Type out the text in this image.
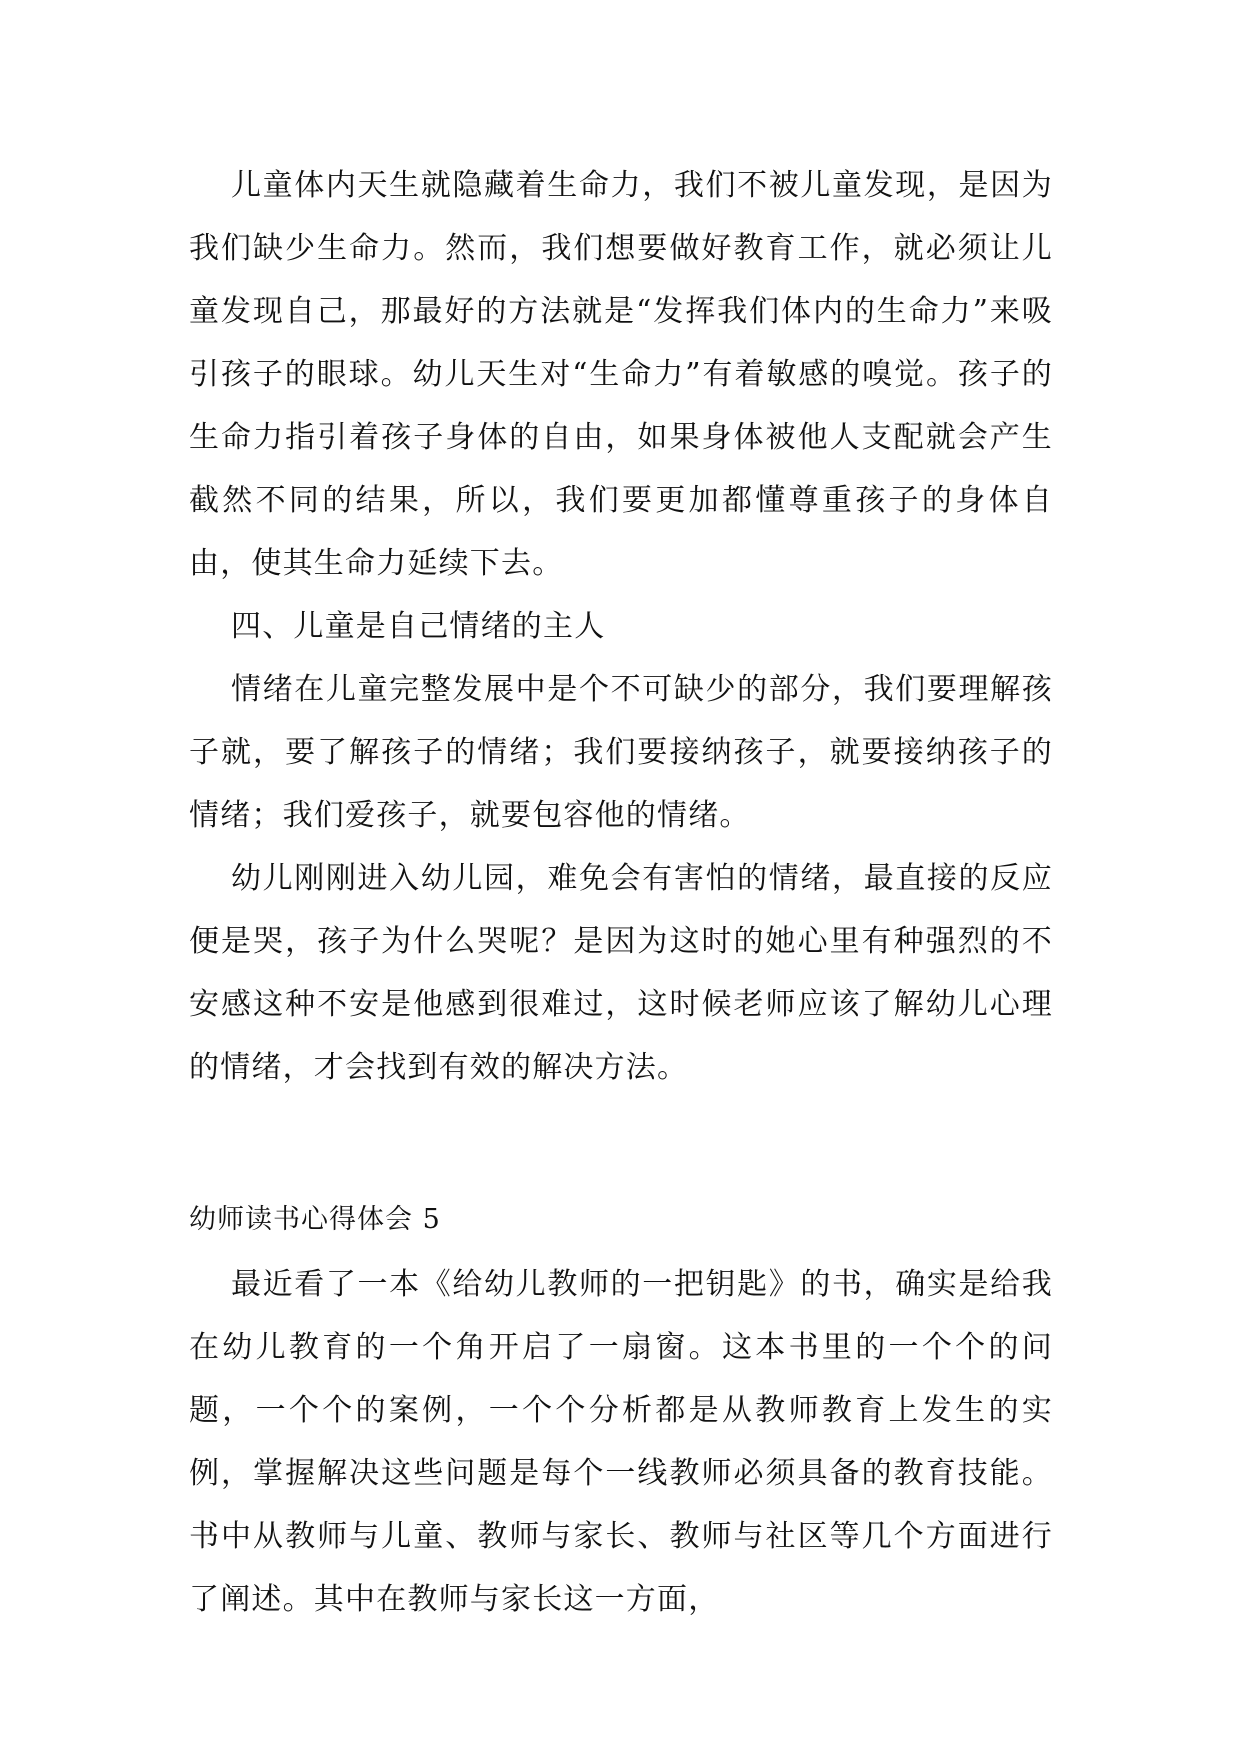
儿童体内天生就隐藏着生命力，我们不被儿童发现，是因为我们缺少生命力。然而，我们想要做好教育工作，就必须让儿童发现自己，那最好的方法就是“发挥我们体内的生命力”来吸引孩子的眼球。幼儿天生对“生命力”有着敏感的嗅觉。孩子的生命力指引着孩子身体的自由，如果身体被他人支配就会产生截然不同的结果，所以，我们要更加都懂尊重孩子的身体自由，使其生命力延续下去。

四、儿童是自己情绪的主人

情绪在儿童完整发展中是个不可缺少的部分，我们要理解孩子就，要了解孩子的情绪；我们要接纳孩子，就要接纳孩子的情绪；我们爱孩子，就要包容他的情绪。

幼儿刚刚进入幼儿园，难免会有害怕的情绪，最直接的反应便是哭，孩子为什么哭呢？是因为这时的她心里有种强烈的不安感这种不安是他感到很难过，这时候老师应该了解幼儿心理的情绪，才会找到有效的解决方法。

幼师读书心得体会 5

最近看了一本《给幼儿教师的一把钥匙》的书，确实是给我在幼儿教育的一个角开启了一扇窗。这本书里的一个个的问题，一个个的案例，一个个分析都是从教师教育上发生的实例，掌握解决这些问题是每个一线教师必须具备的教育技能。书中从教师与儿童、教师与家长、教师与社区等几个方面进行了阐述。其中在教师与家长这一方面，
